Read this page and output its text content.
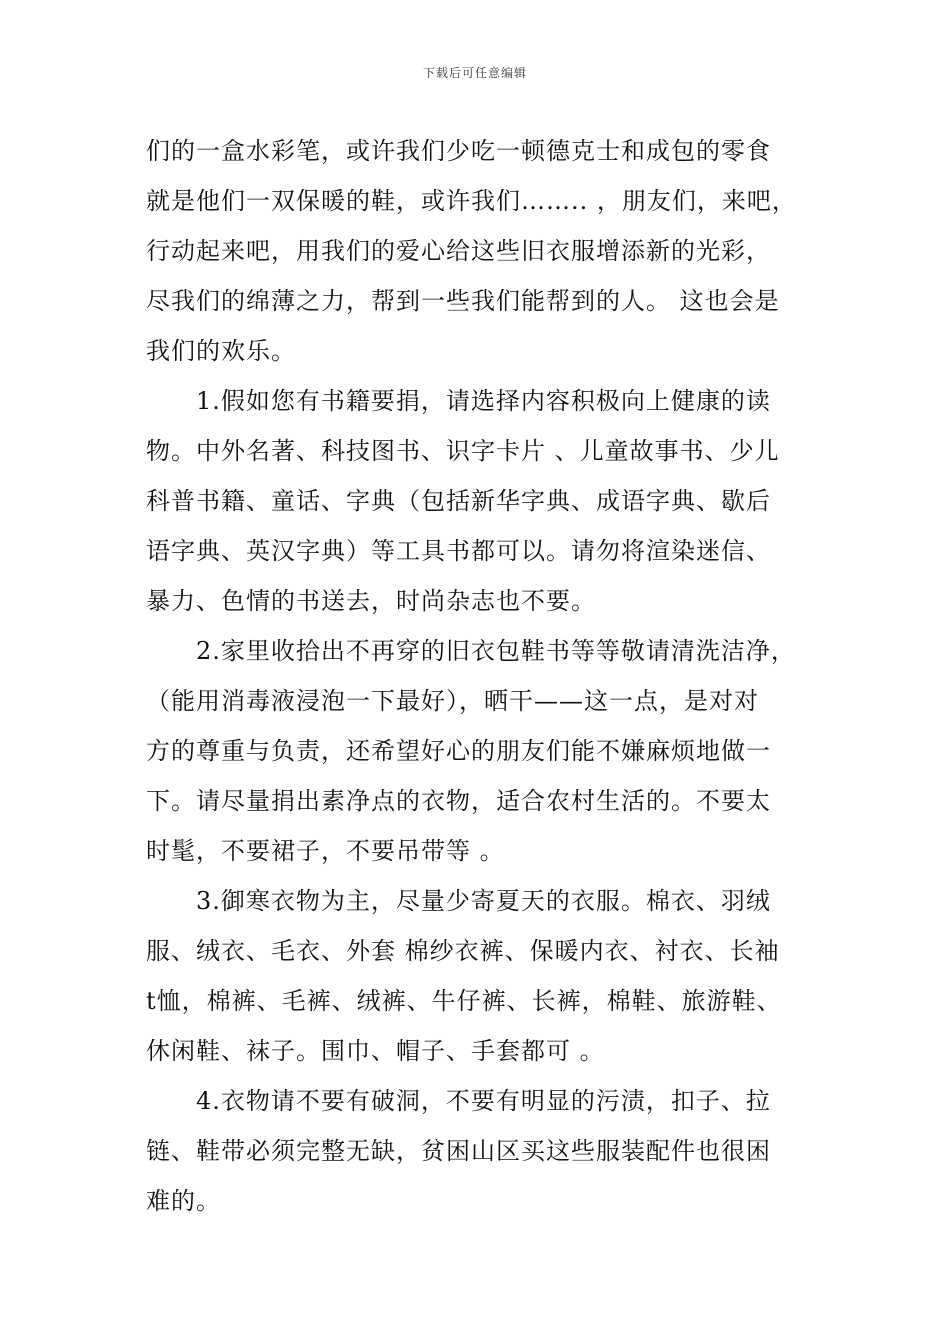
下载后可任意编辑
们的一盒水彩笔，或许我们少吃一顿德克士和成包的零食
就是他们一双保暖的鞋，或许我们…….. ，朋友们，来吧，
行动起来吧，用我们的爱心给这些旧衣服增添新的光彩，
尽我们的绵薄之力，帮到一些我们能帮到的人。 这也会是
我们的欢乐。
1.假如您有书籍要捐，请选择内容积极向上健康的读
物。中外名著、科技图书、识字卡片 、儿童故事书、少儿
科普书籍、童话、字典（包括新华字典、成语字典、歇后
语字典、英汉字典）等工具书都可以。请勿将渲染迷信、
暴力、色情的书送去，时尚杂志也不要。
2.家里收拾出不再穿的旧衣包鞋书等等敬请清洗洁净，
（能用消毒液浸泡一下最好），晒干——这一点，是对对
方的尊重与负责，还希望好心的朋友们能不嫌麻烦地做一
下。请尽量捐出素净点的衣物，适合农村生活的。不要太
时髦，不要裙子，不要吊带等 。
3.御寒衣物为主，尽量少寄夏天的衣服。棉衣、羽绒
服、绒衣、毛衣、外套 棉纱衣裤、保暖内衣、衬衣、长袖
t恤，棉裤、毛裤、绒裤、牛仔裤、长裤，棉鞋、旅游鞋、
休闲鞋、袜子。围巾、帽子、手套都可 。
4.衣物请不要有破洞，不要有明显的污渍，扣子、拉
链、鞋带必须完整无缺，贫困山区买这些服装配件也很困
难的。
